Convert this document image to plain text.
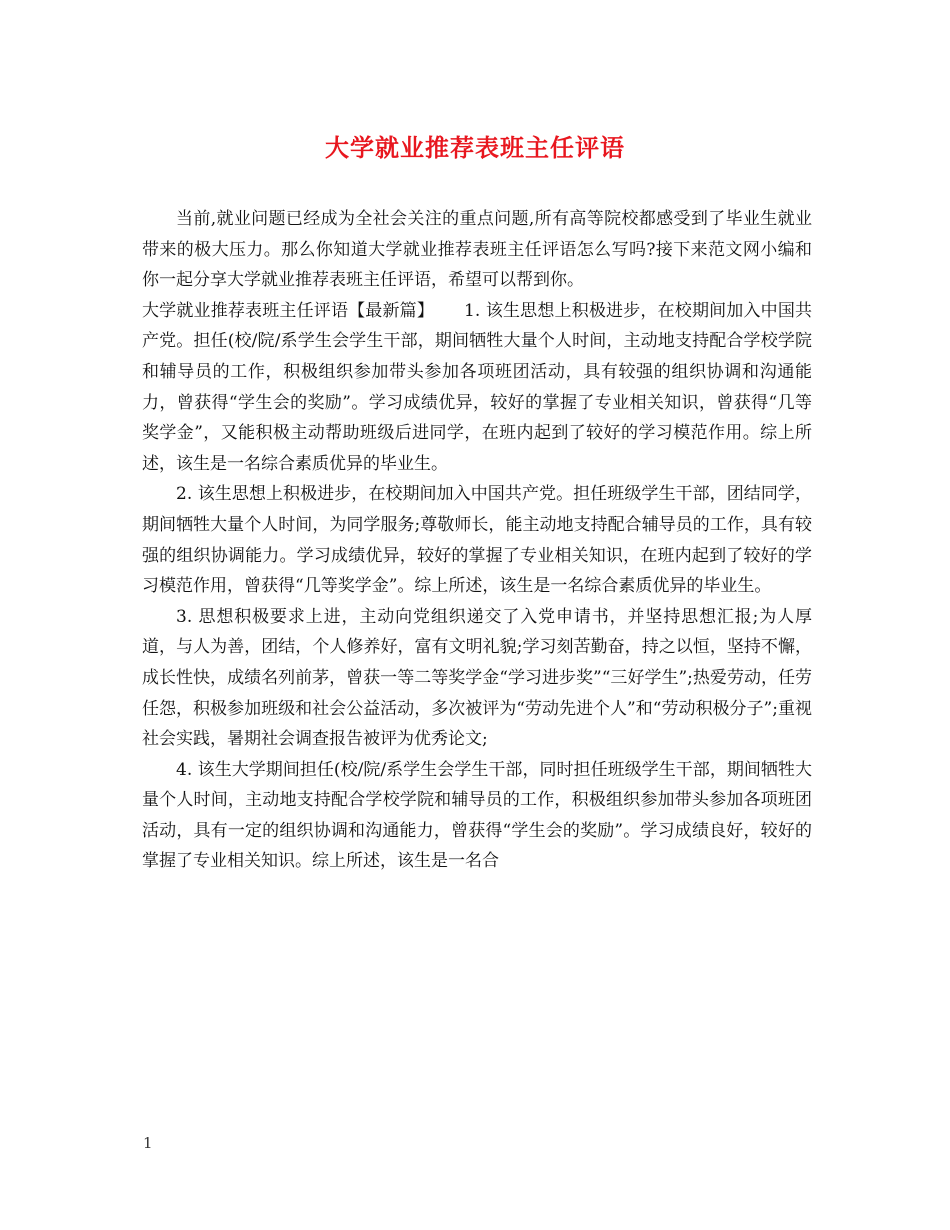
大学就业推荐表班主任评语

当前,就业问题已经成为全社会关注的重点问题,所有高等院校都感受到了毕业生就业带来的极大压力。那么你知道大学就业推荐表班主任评语怎么写吗?接下来范文网小编和你一起分享大学就业推荐表班主任评语，希望可以帮到你。

大学就业推荐表班主任评语【最新篇】 1. 该生思想上积极进步，在校期间加入中国共产党。担任(校/院/系学生会学生干部，期间牺牲大量个人时间，主动地支持配合学校学院和辅导员的工作，积极组织参加带头参加各项班团活动，具有较强的组织协调和沟通能力，曾获得“学生会的奖励”。学习成绩优异，较好的掌握了专业相关知识，曾获得“几等奖学金”，又能积极主动帮助班级后进同学，在班内起到了较好的学习模范作用。综上所述，该生是一名综合素质优异的毕业生。

2. 该生思想上积极进步，在校期间加入中国共产党。担任班级学生干部，团结同学，期间牺牲大量个人时间，为同学服务;尊敬师长，能主动地支持配合辅导员的工作，具有较强的组织协调能力。学习成绩优异，较好的掌握了专业相关知识，在班内起到了较好的学习模范作用，曾获得“几等奖学金”。综上所述，该生是一名综合素质优异的毕业生。

3. 思想积极要求上进，主动向党组织递交了入党申请书，并坚持思想汇报;为人厚道，与人为善，团结，个人修养好，富有文明礼貌;学习刻苦勤奋，持之以恒，坚持不懈，成长性快，成绩名列前茅，曾获一等二等奖学金“学习进步奖”“三好学生”;热爱劳动，任劳任怨，积极参加班级和社会公益活动，多次被评为“劳动先进个人”和“劳动积极分子”;重视社会实践，暑期社会调查报告被评为优秀论文;

4. 该生大学期间担任(校/院/系学生会学生干部，同时担任班级学生干部，期间牺牲大量个人时间，主动地支持配合学校学院和辅导员的工作，积极组织参加带头参加各项班团活动，具有一定的组织协调和沟通能力，曾获得“学生会的奖励”。学习成绩良好，较好的掌握了专业相关知识。综上所述，该生是一名合

1
